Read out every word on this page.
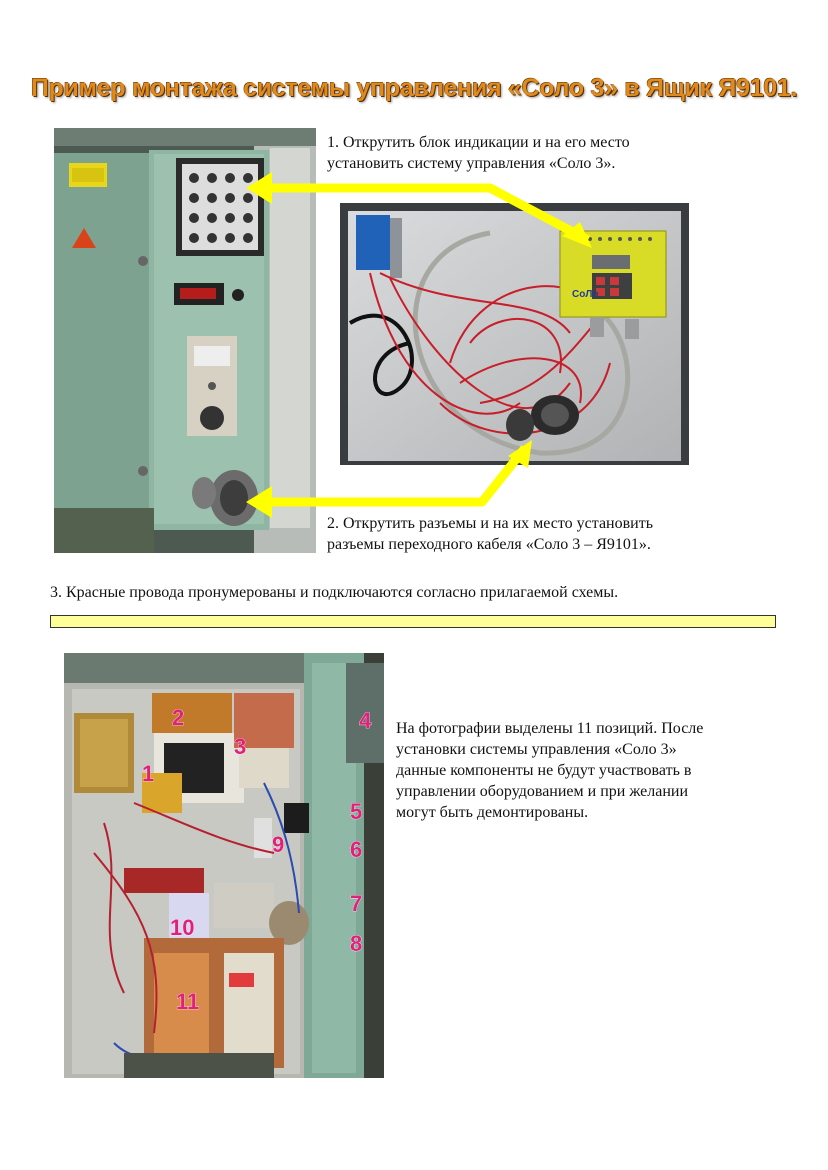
Пример монтажа системы управления «Соло 3» в Ящик Я9101.
1. Открутить блок индикации и на его место
установить систему управления «Соло 3».
СоЛо
2. Открутить разъемы и на их место установить
разъемы переходного кабеля «Соло 3 – Я9101».
3. Красные провода пронумерованы и подключаются согласно прилагаемой схемы.
1
2
3
4
5
6
7
8
9
10
11
На фотографии выделены 11 позиций. После
установки системы управления «Соло 3»
данные компоненты не будут участвовать в
управлении оборудованием и при желании
могут быть демонтированы.
